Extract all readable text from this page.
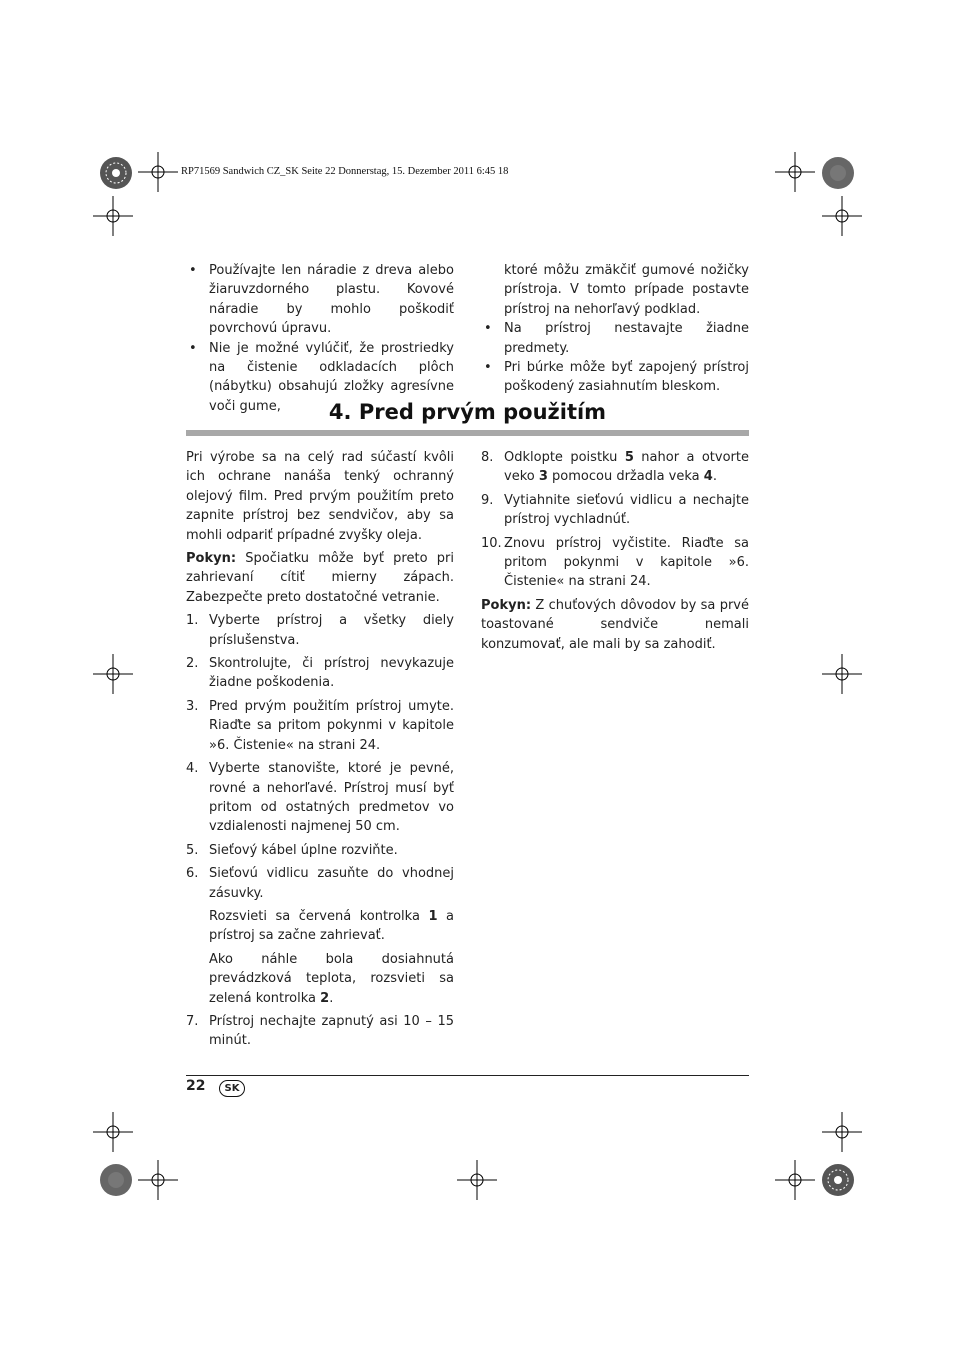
RP71569 Sandwich CZ_SK Seite 22 Donnerstag, 15. Dezember 2011 6:45 18
• Používajte len náradie z dreva alebo žiaruvzdorného plastu. Kovové náradie by mohlo poškodiť povrchovú úpravu.
• Nie je možné vylúčiť, že prostriedky na čistenie odkladacích plôch (nábytku) obsahujú zložky agresívne voči gume,

ktoré môžu zmäkčiť gumové nožičky prístroja. V tomto prípade postavte prístroj na nehorľavý podklad.

• Na prístroj nestavajte žiadne predmety.
• Pri búrke môže byť zapojený prístroj poškodený zasiahnutím bleskom.
4. Pred prvým použitím

Pri výrobe sa na celý rad súčastí kvôli ich ochrane nanáša tenký ochranný olejový film. Pred prvým použitím preto zapnite prístroj bez sendvičov, aby sa mohli odpariť prípadné zvyšky oleja.

Pokyn: Spočiatku môže byť preto pri zahrievaní cítiť mierny zápach. Zabezpečte preto dostatočné vetranie.

1. Vyberte prístroj a všetky diely príslušenstva.
2. Skontrolujte, či prístroj nevykazuje žiadne poškodenia.
3. Pred prvým použitím prístroj umyte. Riaďte sa pritom pokynmi v kapitole »6. Čistenie« na strani 24.
4. Vyberte stanovište, ktoré je pevné, rovné a nehorľavé. Prístroj musí byť pritom od ostatných predmetov vo vzdialenosti najmenej 50 cm.
5. Sieťový kábel úplne rozviňte.
6. Sieťovú vidlicu zasuňte do vhodnej zásuvky.
Rozsvieti sa červená kontrolka 1 a prístroj sa začne zahrievať.
Ako náhle bola dosiahnutá prevádzková teplota, rozsvieti sa zelená kontrolka 2.
7. Prístroj nechajte zapnutý asi 10 – 15 minút.
8. Odklopte poistku 5 nahor a otvorte veko 3 pomocou držadla veka 4.
9. Vytiahnite sieťovú vidlicu a nechajte prístroj vychladnúť.
10. Znovu prístroj vyčistite. Riaďte sa pritom pokynmi v kapitole »6. Čistenie« na strani 24.

Pokyn: Z chuťových dôvodov by sa prvé toastované sendviče nemali konzumovať, ale mali by sa zahodiť.

22	SK
